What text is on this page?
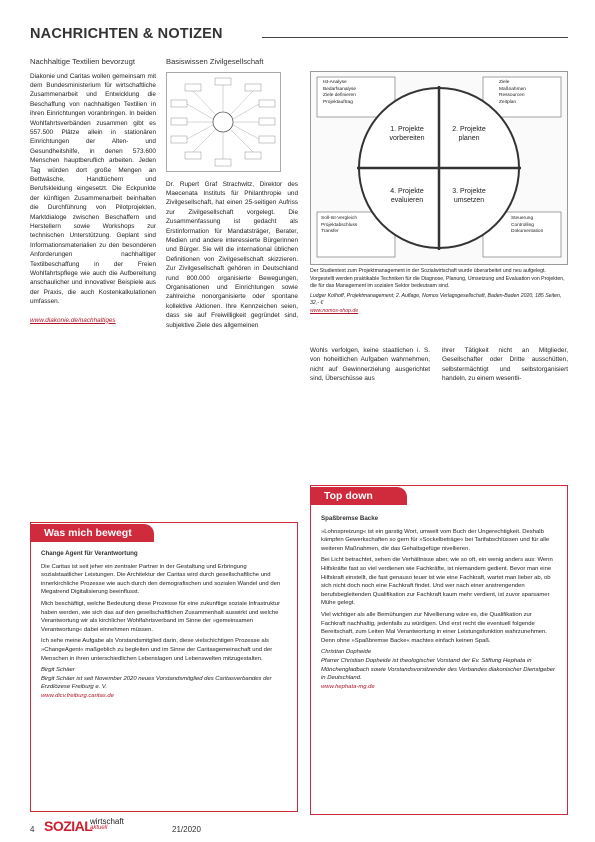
NACHRICHTEN & NOTIZEN
Nachhaltige Textilien bevorzugt

Diakonie und Caritas wollen gemeinsam mit dem Bundesministerium für wirtschaftliche Zusammenarbeit und Entwicklung die Beschaffung von nachhaltigen Textilien in ihren Einrichtungen voranbringen. In beiden Wohlfahrtsverbänden zusammen gibt es 557.500 Plätze allein in stationären Einrichtungen der Alten- und Gesundheitshilfe, in denen 573.600 Menschen hauptberuflich arbeiten. Jeden Tag würden dort große Mengen an Bettwäsche, Handtüchern und Berufskleidung eingesetzt. Die Eckpunkte der künftigen Zusammenarbeit beinhalten die Durchführung von Pilotprojekten, Marktdialoge zwischen Beschaffern und Herstellern sowie Workshops zur technischen Unterstützung. Geplant sind Informationsmaterialien zu den besonderen Anforderungen nachhaltiger Textilbeschaffung in der Freien Wohlfahrtspflege wie auch die Aufbereitung anschaulicher und innovativer Beispiele aus der Praxis, die auch Kostenkalkulationen umfassen.

www.diakonie.de/nachhaltiges

Basiswissen Zivilgesellschaft

Dr. Rupert Graf Strachwitz, Direktor des Maecenata Instituts für Philanthropie und Zivilgesellschaft, hat einen 25-seitigen Aufriss zur Zivilgesellschaft vorgelegt. Die Zusammenfassung ist gedacht als Erstinformation für Mandatsträger, Berater, Medien und andere interessierte Bürgerinnen und Bürger. Sie will die international üblichen Definitionen von Zivilgesellschaft skizzieren. Zur Zivilgesellschaft gehören in Deutschland rund 800.000 organisierte Bewegungen, Organisationen und Einrichtungen sowie zahlreiche nonorganisierte oder spontane kollektive Aktionen. Ihre Kennzeichen seien, dass sie auf Freiwilligkeit gegründet sind, subjektive Ziele des allgemeinen

1. Projekte vorbereiten
2. Projekte planen
4. Projekte evaluieren
3. Projekte umsetzen
Ist-Analyse
Bedarfsanalyse
Ziele definieren
Projektauftrag
Ziele
Maßnahmen
Ressourcen
Zeitplan
Soll-Ist-Vergleich
Projektabschluss
Transfer
Steuerung
Controlling
Dokumentation

Der Studientext zum Projektmanagement in der Sozialwirtschaft wurde überarbeitet und neu aufgelegt. Vorgestellt werden praktikable Techniken für die Diagnose, Planung, Umsetzung und Evaluation von Projekten, die für das Management im sozialen Sektor bedeutsam sind.

Ludger Kolhoff, Projektmanagement; 2. Auflage, Nomos Verlagsgesellschaft, Baden-Baden 2020, 185 Seiten, 32,- €

www.nomos-shop.de

Wohls verfolgen, keine staatlichen i. S. von hoheitlichen Aufgaben wahrnehmen, nicht auf Gewinnerzielung ausgerichtet sind, Überschüsse aus

ihrer Tätigkeit nicht an Mitglieder, Gesellschafter oder Dritte ausschütten, selbstermächtigt und selbstorganisiert handeln, zu einem wesentli-

Was mich bewegt
Change Agent für Verantwortung

Die Caritas ist seit jeher ein zentraler Partner in der Gestaltung und Erbringung sozialstaatlicher Leistungen. Die Architektur der Caritas wird durch gesellschaftliche und innerkirchliche Prozesse wie auch durch den demografischen und sozialen Wandel und den Megatrend Digitalisierung beeinflusst.

Mich beschäftigt, welche Bedeutung diese Prozesse für eine zukunftige soziale Infrastruktur haben werden, wie sich das auf den gesellschaftlichen Zusammenhalt auswirkt und welche Verantwortung wir als kirchlicher Wohlfahrtsverband im Sinne der »gemeinsamen Verantwortung« dabei einnehmen müssen.

Ich sehe meine Aufgabe als Vorstandsmitglied darin, diese vielschichtigen Prozesse als »ChangeAgent« maßgeblich zu begleiten und im Sinne der Caritasgemeinschaft und der Menschen in ihren unterschiedlichen Lebenslagen und Lebenswelten mitzugestalten.

Birgit Schäer

Birgit Schäer ist seit November 2020 neues Vorstandsmitglied des Caritasverbandes der Erzdiözese Freiburg e. V.

www.dicv.freiburg.caritas.de

Top down
Spaßbremse Backe

»Lohnspreizung« ist ein garstig Wort, umwelt vom Buch der Ungerechtigkeit. Deshalb kämpfen Gewerkschaften so gern für »Sockelbeträge« bei Tarifabschlüssen und für alle weiteren Maßnahmen, die das Gehaltsgefüge nivellieren.

Bei Licht betrachtet, sehen die Verhältnisse aber, wie so oft, ein wenig anders aus: Wenn Hilfskräfte fast so viel verdienen wie Fachkräfte, ist niemandem gedient. Bevor man eine Hilfskraft einstellt, die fast genauso teuer ist wie eine Fachkraft, wartet man lieber ab, ob sich nicht doch noch eine Fachkraft findet. Und wer nach einer anstrengenden berufsbegleitenden Qualifikation zur Fachkraft kaum mehr verdient, ist zuvor sparsamer Mühe gelegt.

Viel wichtiger als alle Bemühungen zur Nivellierung wäre es, die Qualifikation zur Fachkraft nachhaltig, jedenfalls zu würdigen. Und erst recht die eventuell folgende Bereitschaft, zum Leiten Mal Verantwortung in einer Leistungsfunktion wahrzunehmen. Denn ohne »Spaßbremse Backe« machtes einfach keinen Spaß.

Christian Dopheide

Pfarrer Christian Dopheide ist theologischer Vorstand der Ev. Stiftung Hephata in Mönchengladbach sowie Vorstandsvorsitzender des Verbandes diakonischer Dienstgeber in Deutschland.

www.hephata-mg.de

4 SOZIAL
wirtschaft
aktuell	21/2020
